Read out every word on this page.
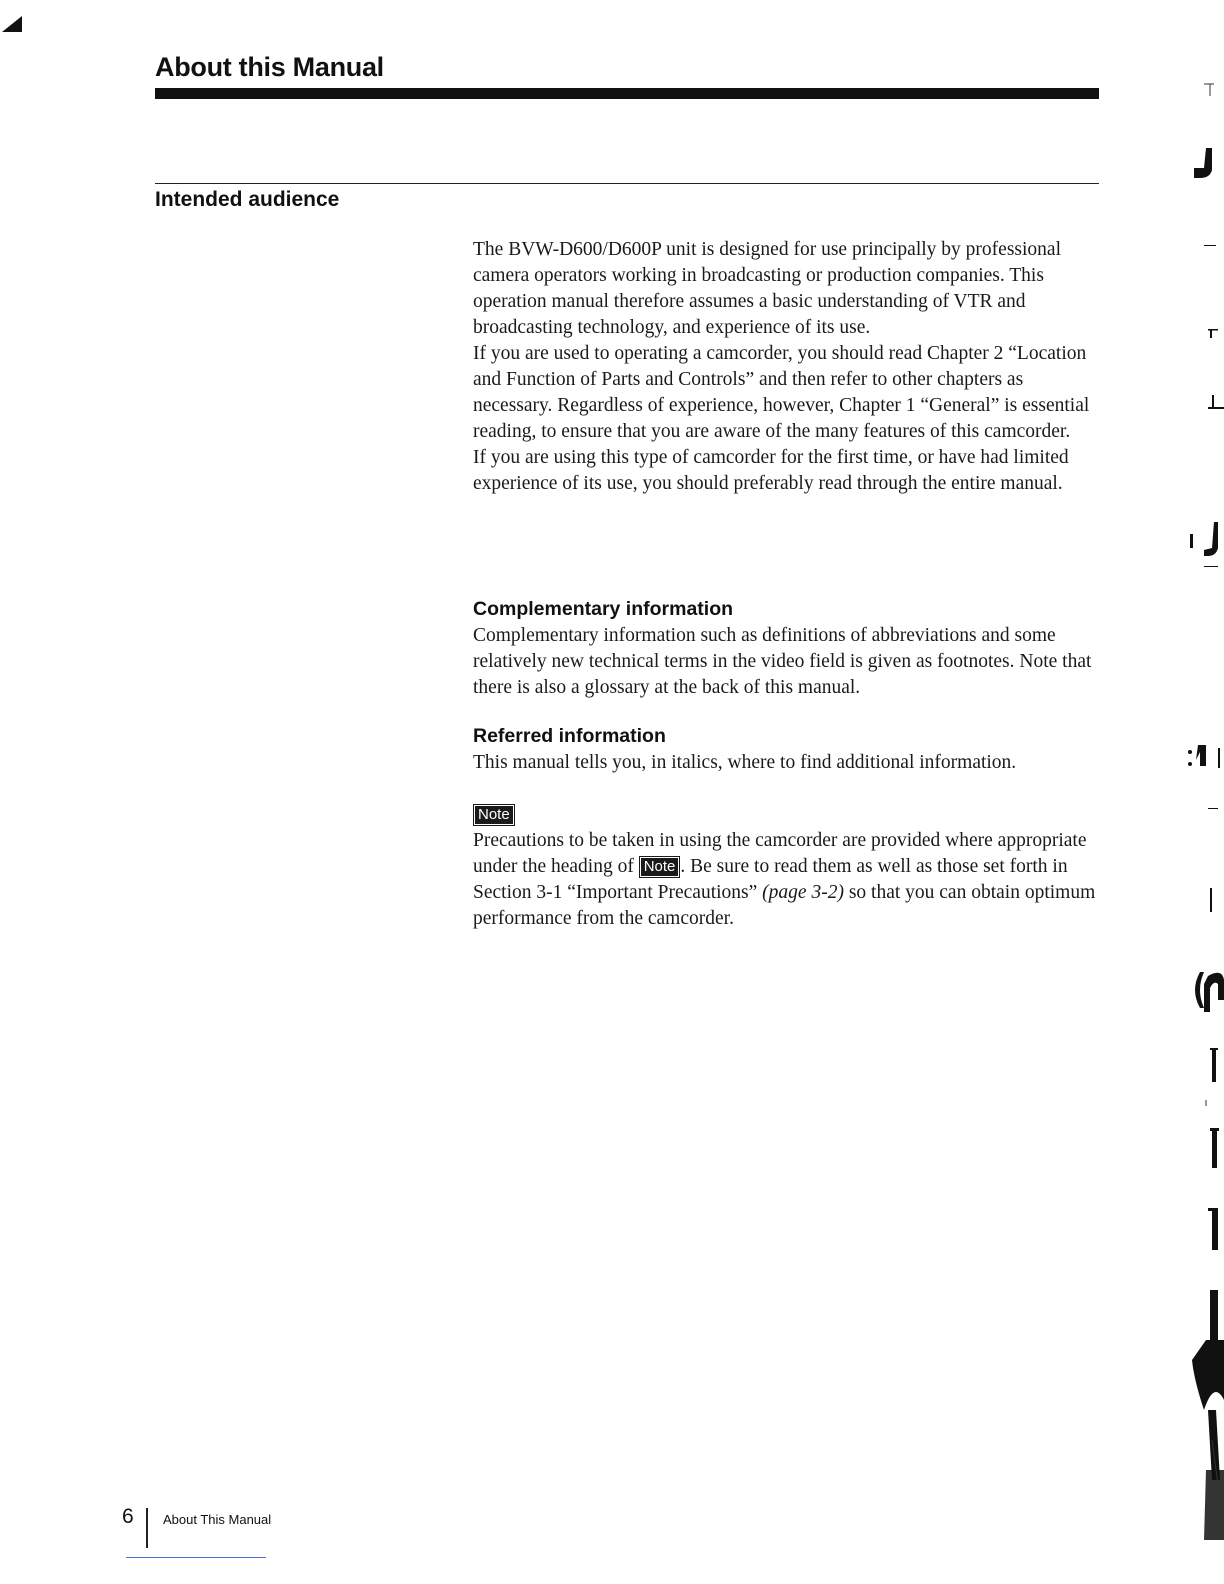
About this Manual
Intended audience

The BVW-D600/D600P unit is designed for use principally by professional camera operators working in broadcasting or production companies. This operation manual therefore assumes a basic understanding of VTR and broadcasting technology, and experience of its use.

If you are used to operating a camcorder, you should read Chapter 2 “Location and Function of Parts and Controls” and then refer to other chapters as necessary. Regardless of experience, however, Chapter 1 “General” is essential reading, to ensure that you are aware of the many features of this camcorder.

If you are using this type of camcorder for the first time, or have had limited experience of its use, you should preferably read through the entire manual.

Complementary information

Complementary information such as definitions of abbreviations and some relatively new technical terms in the video field is given as footnotes. Note that there is also a glossary at the back of this manual.

Referred information

This manual tells you, in italics, where to find additional information.

Note

Precautions to be taken in using the camcorder are provided where appropriate under the heading of Note . Be sure to read them as well as those set forth in Section 3-1 “Important Precautions” (page 3-2) so that you can obtain optimum performance from the camcorder.

6 About This Manual
